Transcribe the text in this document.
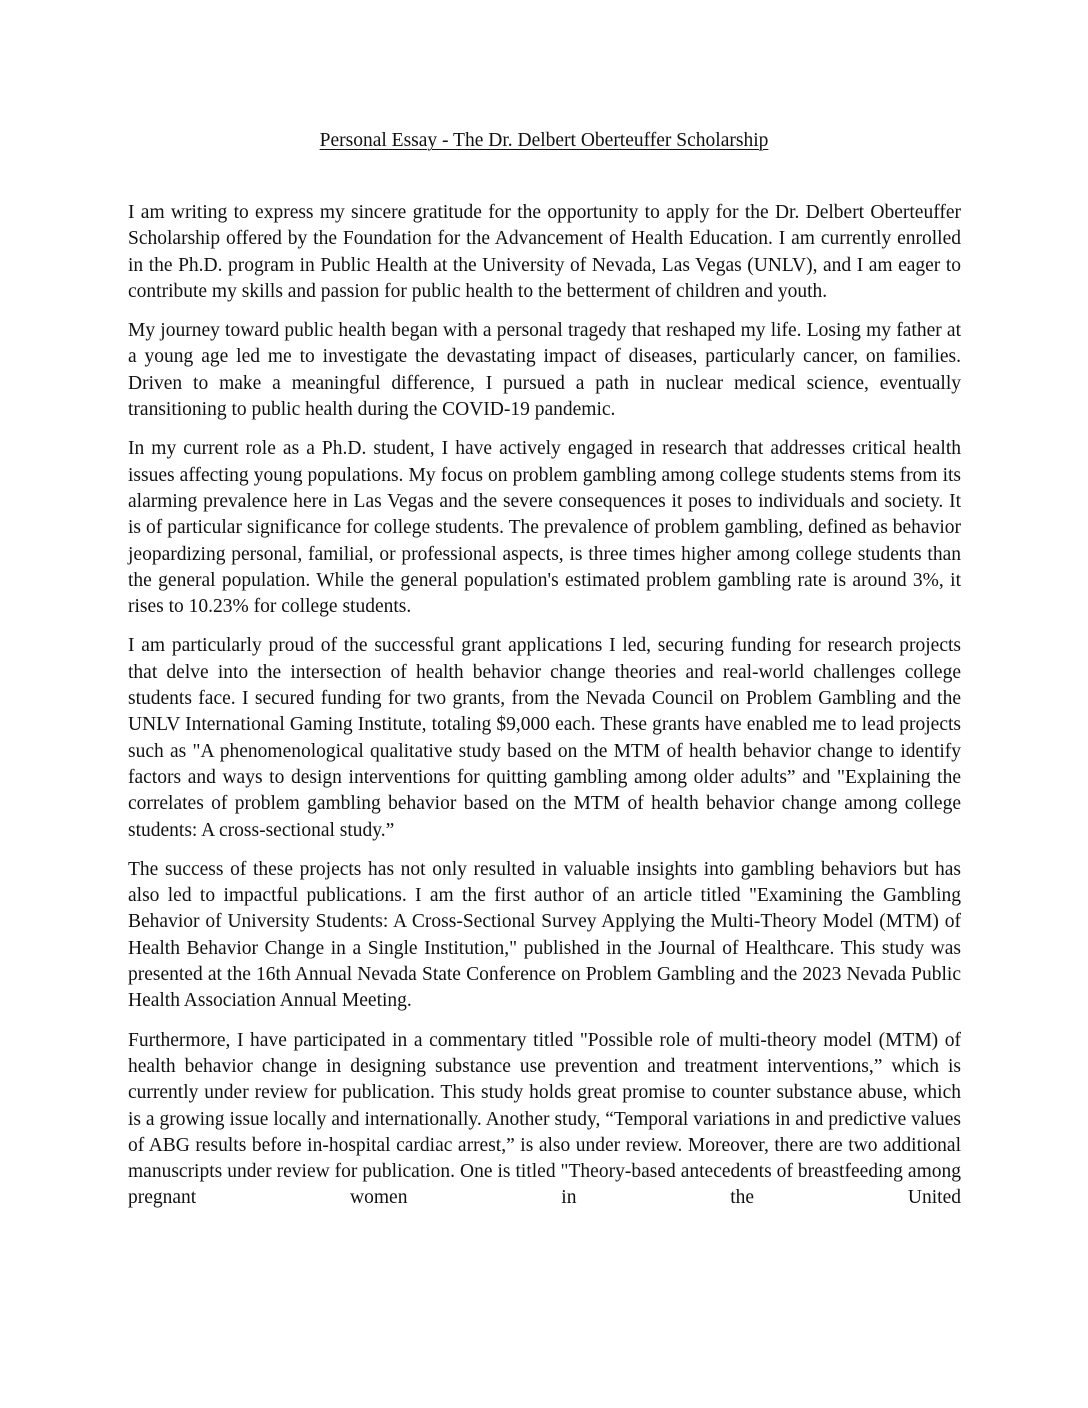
Personal Essay - The Dr. Delbert Oberteuffer Scholarship

I am writing to express my sincere gratitude for the opportunity to apply for the Dr. Delbert Oberteuffer Scholarship offered by the Foundation for the Advancement of Health Education. I am currently enrolled in the Ph.D. program in Public Health at the University of Nevada, Las Vegas (UNLV), and I am eager to contribute my skills and passion for public health to the betterment of children and youth.

My journey toward public health began with a personal tragedy that reshaped my life. Losing my father at a young age led me to investigate the devastating impact of diseases, particularly cancer, on families. Driven to make a meaningful difference, I pursued a path in nuclear medical science, eventually transitioning to public health during the COVID-19 pandemic.

In my current role as a Ph.D. student, I have actively engaged in research that addresses critical health issues affecting young populations. My focus on problem gambling among college students stems from its alarming prevalence here in Las Vegas and the severe consequences it poses to individuals and society. It is of particular significance for college students. The prevalence of problem gambling, defined as behavior jeopardizing personal, familial, or professional aspects, is three times higher among college students than the general population. While the general population's estimated problem gambling rate is around 3%, it rises to 10.23% for college students.

I am particularly proud of the successful grant applications I led, securing funding for research projects that delve into the intersection of health behavior change theories and real-world challenges college students face. I secured funding for two grants, from the Nevada Council on Problem Gambling and the UNLV International Gaming Institute, totaling $9,000 each. These grants have enabled me to lead projects such as "A phenomenological qualitative study based on the MTM of health behavior change to identify factors and ways to design interventions for quitting gambling among older adults” and "Explaining the correlates of problem gambling behavior based on the MTM of health behavior change among college students: A cross-sectional study.”

The success of these projects has not only resulted in valuable insights into gambling behaviors but has also led to impactful publications. I am the first author of an article titled "Examining the Gambling Behavior of University Students: A Cross-Sectional Survey Applying the Multi-Theory Model (MTM) of Health Behavior Change in a Single Institution," published in the Journal of Healthcare. This study was presented at the 16th Annual Nevada State Conference on Problem Gambling and the 2023 Nevada Public Health Association Annual Meeting.

Furthermore, I have participated in a commentary titled "Possible role of multi-theory model (MTM) of health behavior change in designing substance use prevention and treatment interventions,” which is currently under review for publication. This study holds great promise to counter substance abuse, which is a growing issue locally and internationally. Another study, “Temporal variations in and predictive values of ABG results before in-hospital cardiac arrest,” is also under review. Moreover, there are two additional manuscripts under review for publication. One is titled "Theory-based antecedents of breastfeeding among pregnant women in the United
